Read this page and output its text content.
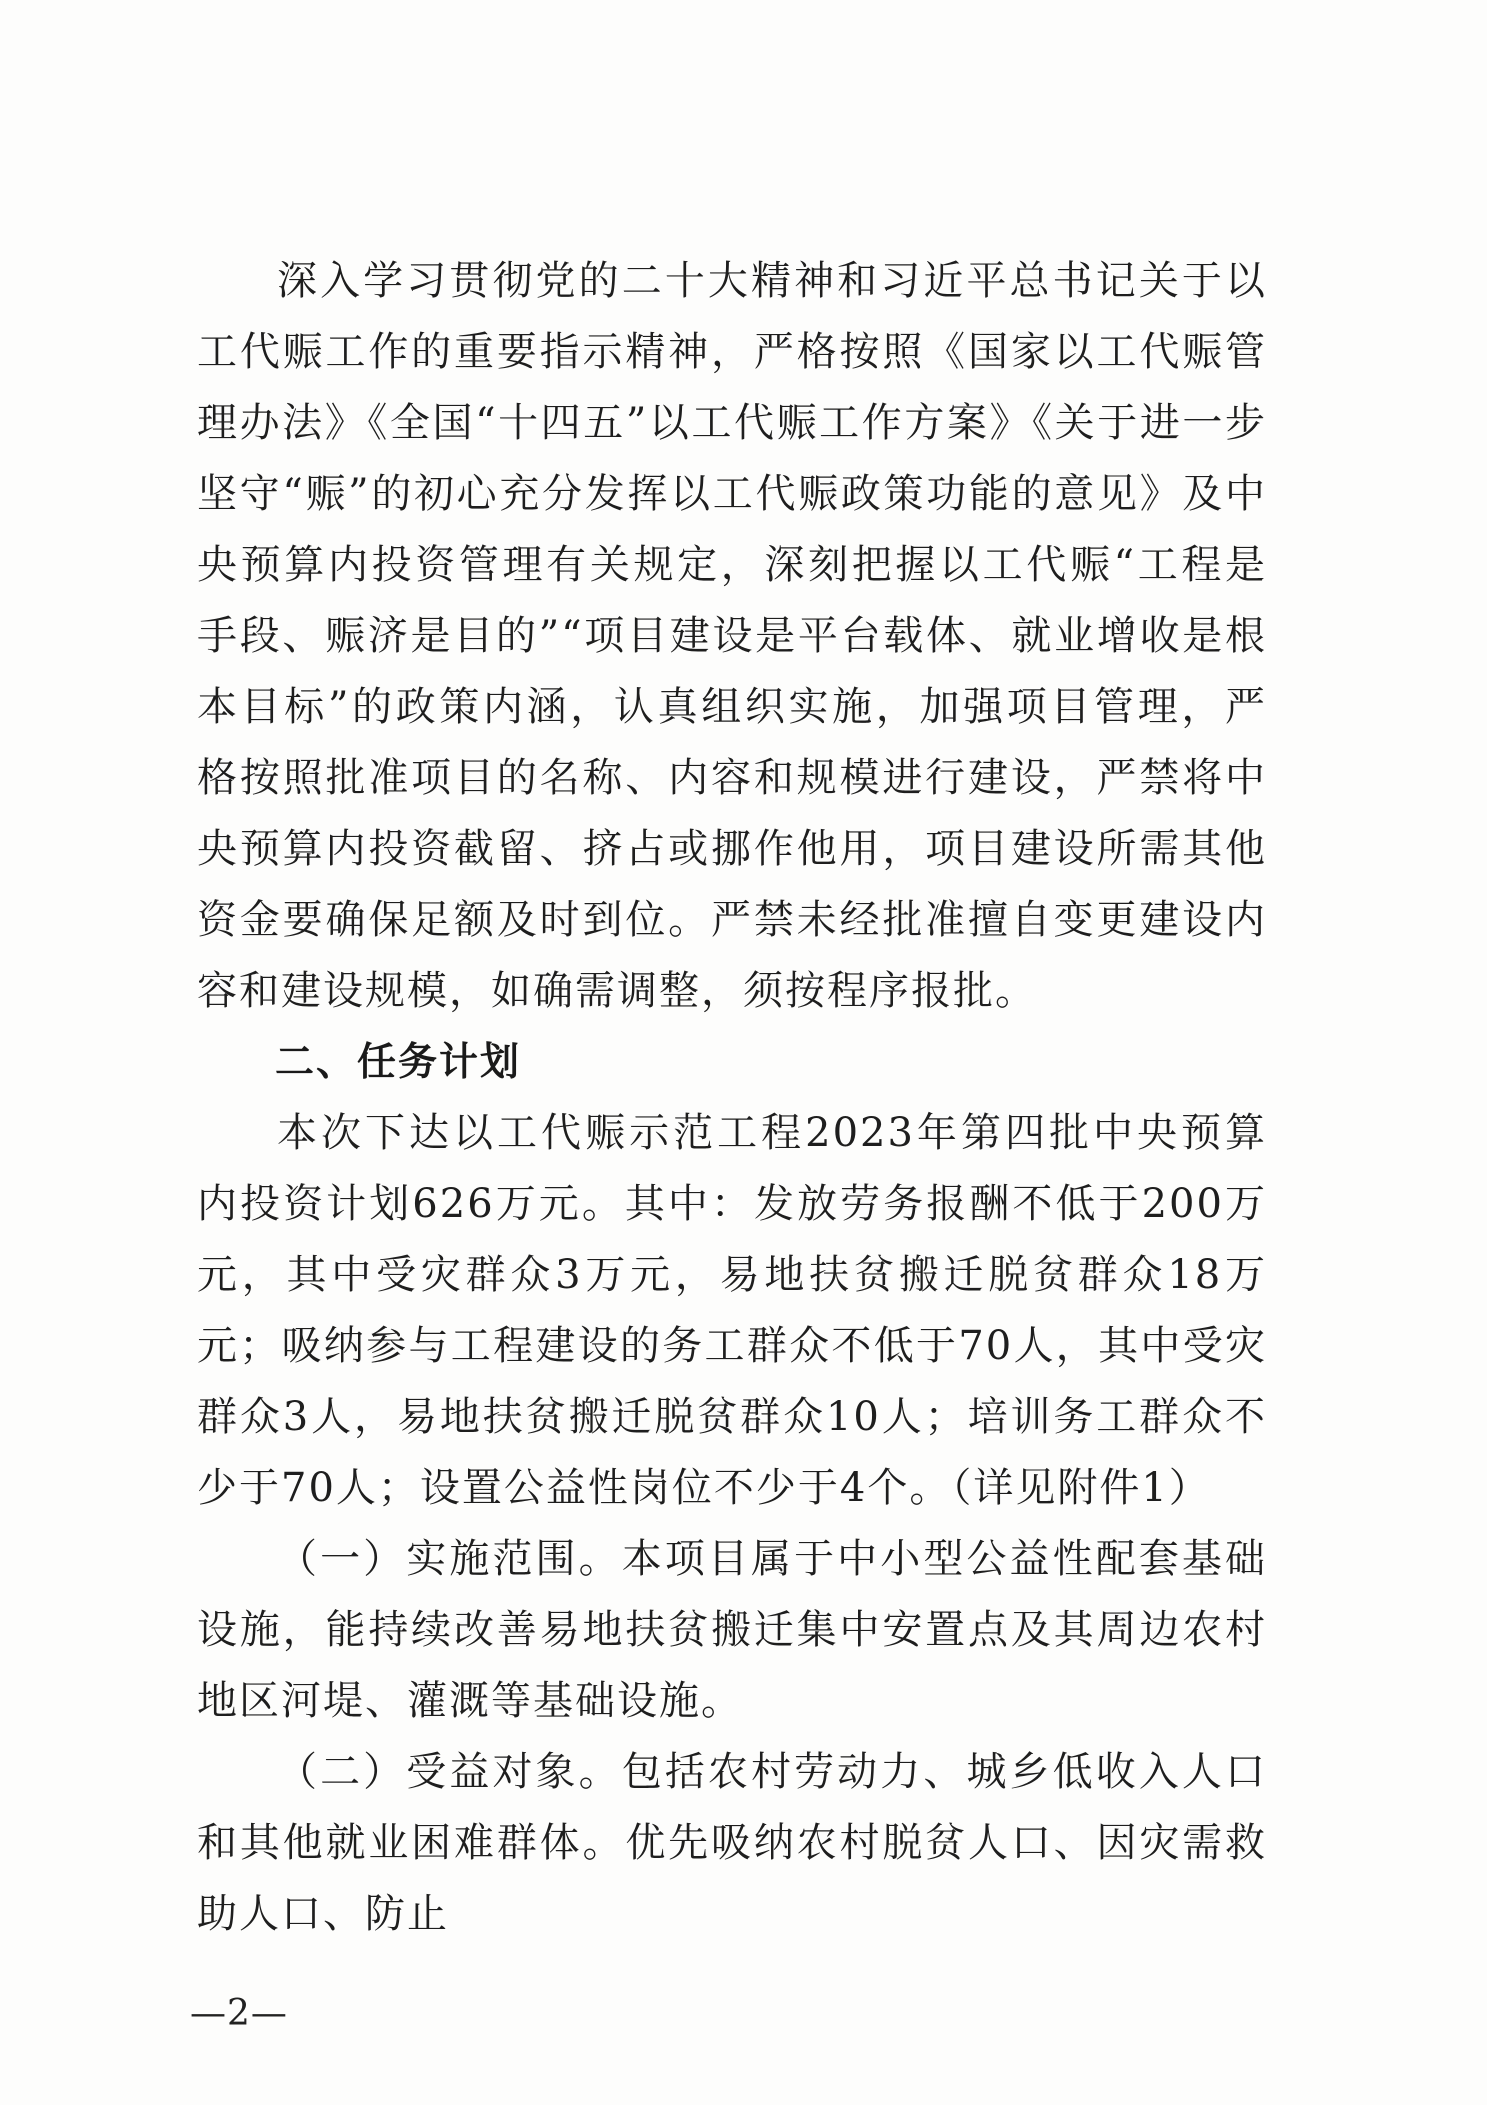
深入学习贯彻党的二十大精神和习近平总书记关于以工代赈工作的重要指示精神，严格按照《国家以工代赈管理办法》《全国“十四五”以工代赈工作方案》《关于进一步坚守“赈”的初心充分发挥以工代赈政策功能的意见》及中央预算内投资管理有关规定，深刻把握以工代赈“工程是手段、赈济是目的”“项目建设是平台载体、就业增收是根本目标”的政策内涵，认真组织实施，加强项目管理，严格按照批准项目的名称、内容和规模进行建设，严禁将中央预算内投资截留、挤占或挪作他用，项目建设所需其他资金要确保足额及时到位。严禁未经批准擅自变更建设内容和建设规模，如确需调整，须按程序报批。

二、任务计划

本次下达以工代赈示范工程2023年第四批中央预算内投资计划626万元。其中：发放劳务报酬不低于200万元，其中受灾群众3万元，易地扶贫搬迁脱贫群众18万元；吸纳参与工程建设的务工群众不低于70人，其中受灾群众3人，易地扶贫搬迁脱贫群众10人；培训务工群众不少于70人；设置公益性岗位不少于4个。（详见附件1）

（一）实施范围。本项目属于中小型公益性配套基础设施，能持续改善易地扶贫搬迁集中安置点及其周边农村地区河堤、灌溉等基础设施。

（二）受益对象。包括农村劳动力、城乡低收入人口和其他就业困难群体。优先吸纳农村脱贫人口、因灾需救助人口、防止

—2—
